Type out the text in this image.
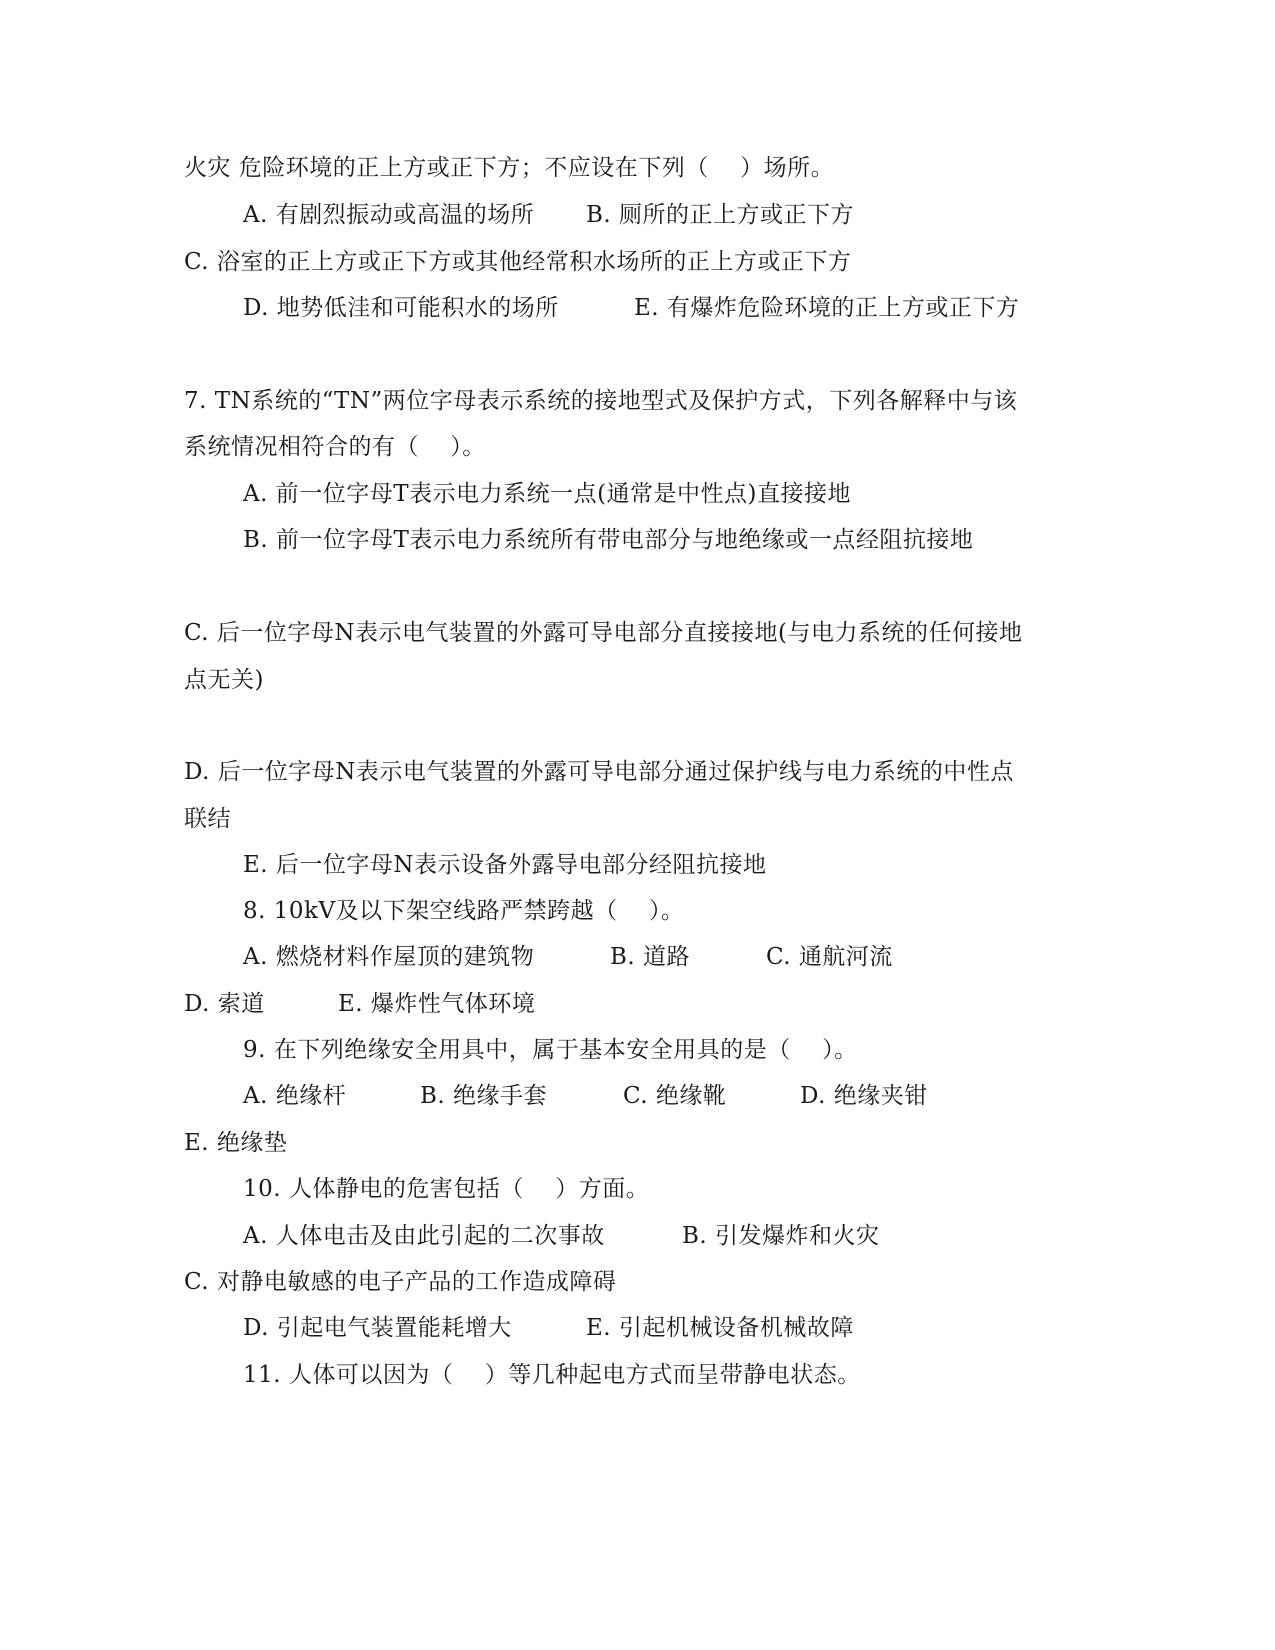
火灾 危险环境的正上方或正下方；不应设在下列（　 ）场所。
A. 有剧烈振动或高温的场所 B. 厕所的正上方或正下方
C. 浴室的正上方或正下方或其他经常积水场所的正上方或正下方
D. 地势低洼和可能积水的场所	E. 有爆炸危险环境的正上方或正下方
7. TN系统的“TN”两位字母表示系统的接地型式及保护方式，下列各解释中与该
系统情况相符合的有（　 ）。
A. 前一位字母T表示电力系统一点(通常是中性点)直接接地
B. 前一位字母T表示电力系统所有带电部分与地绝缘或一点经阻抗接地
C. 后一位字母N表示电气装置的外露可导电部分直接接地(与电力系统的任何接地
点无关)
D. 后一位字母N表示电气装置的外露可导电部分通过保护线与电力系统的中性点
联结
E. 后一位字母N表示设备外露导电部分经阻抗接地
8. 10kV及以下架空线路严禁跨越（　 ）。
A. 燃烧材料作屋顶的建筑物	B. 道路	C. 通航河流
D. 索道	E. 爆炸性气体环境
9. 在下列绝缘安全用具中，属于基本安全用具的是（　 ）。
A. 绝缘杆	B. 绝缘手套	C. 绝缘靴	D. 绝缘夹钳
E. 绝缘垫
10. 人体静电的危害包括（　 ）方面。
A. 人体电击及由此引起的二次事故	B. 引发爆炸和火灾
C. 对静电敏感的电子产品的工作造成障碍
D. 引起电气装置能耗增大	E. 引起机械设备机械故障
11. 人体可以因为（　 ）等几种起电方式而呈带静电状态。
